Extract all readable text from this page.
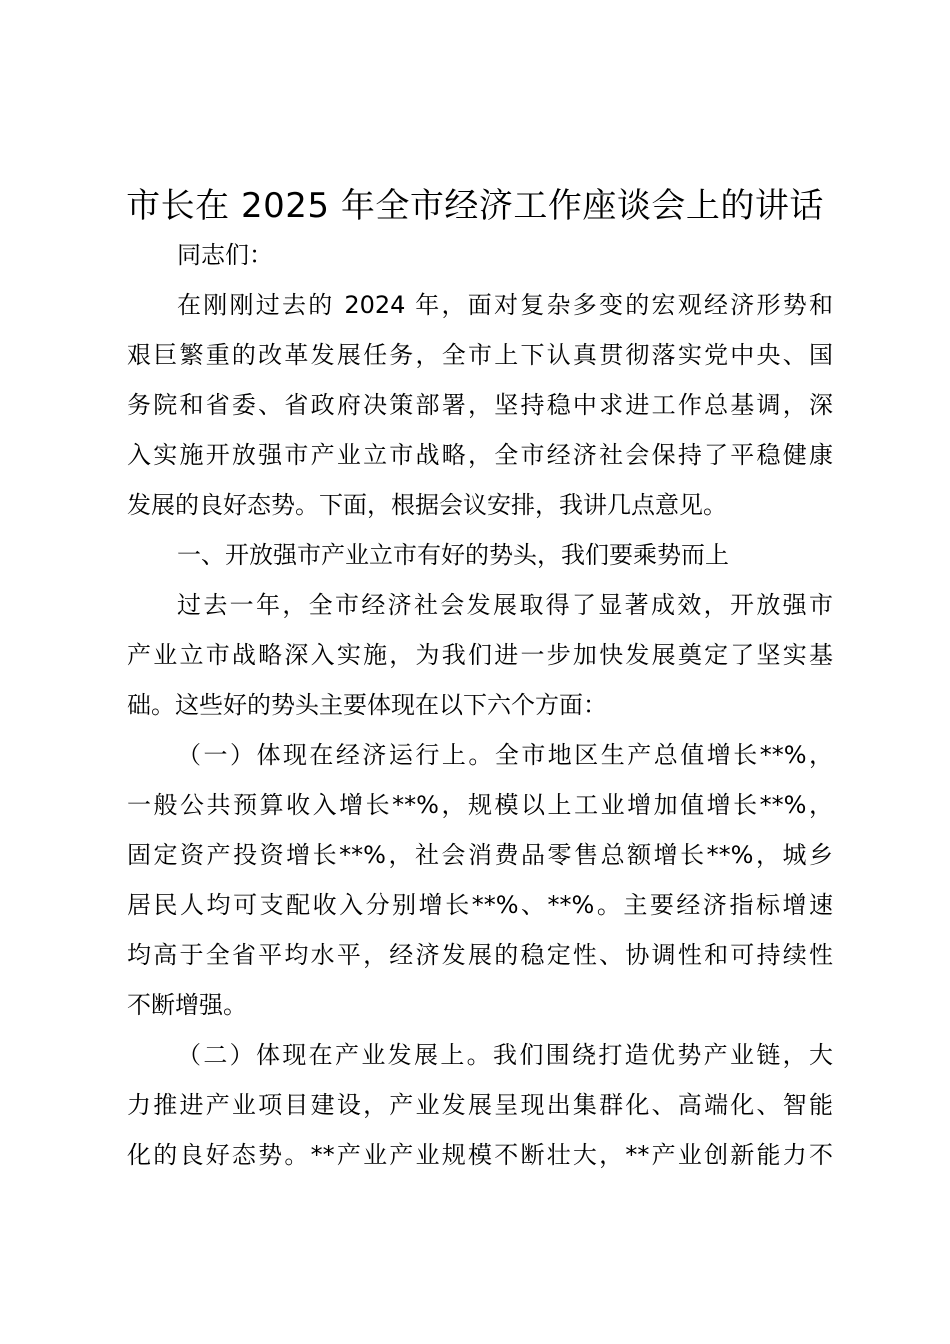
市长在 2025 年全市经济工作座谈会上的讲话
同志们：
在刚刚过去的 2024 年，面对复杂多变的宏观经济形势和
艰巨繁重的改革发展任务，全市上下认真贯彻落实党中央、国
务院和省委、省政府决策部署，坚持稳中求进工作总基调，深
入实施开放强市产业立市战略，全市经济社会保持了平稳健康
发展的良好态势。下面，根据会议安排，我讲几点意见。
一、开放强市产业立市有好的势头，我们要乘势而上
过去一年，全市经济社会发展取得了显著成效，开放强市
产业立市战略深入实施，为我们进一步加快发展奠定了坚实基
础。这些好的势头主要体现在以下六个方面：
（一）体现在经济运行上。全市地区生产总值增长**%，
一般公共预算收入增长**%，规模以上工业增加值增长**%，
固定资产投资增长**%，社会消费品零售总额增长**%，城乡
居民人均可支配收入分别增长**%、**%。主要经济指标增速
均高于全省平均水平，经济发展的稳定性、协调性和可持续性
不断增强。
（二）体现在产业发展上。我们围绕打造优势产业链，大
力推进产业项目建设，产业发展呈现出集群化、高端化、智能
化的良好态势。**产业产业规模不断壮大，**产业创新能力不
